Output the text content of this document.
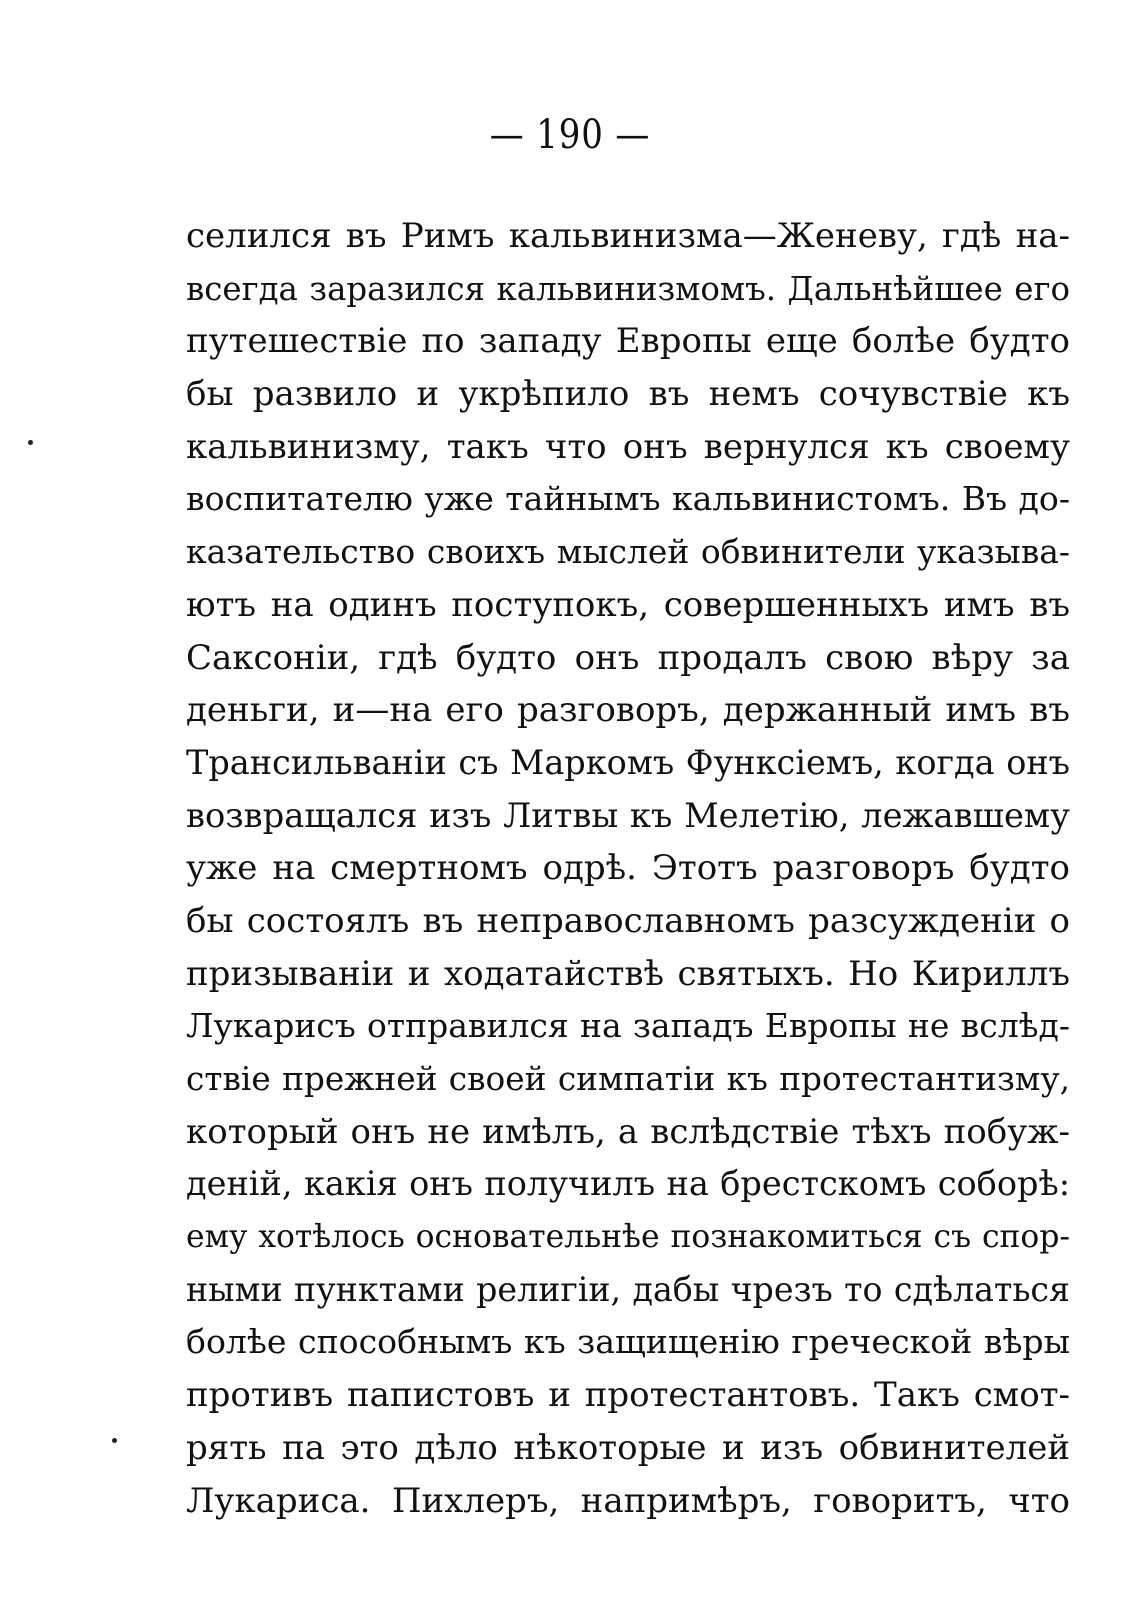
— 190 —
селился въ Римъ кальвинизма—Женеву, гдѣ на-
всегда заразился кальвинизмомъ. Дальнѣйшее его
путешествіе по западу Европы еще болѣе будто
бы развило и укрѣпило въ немъ сочувствіе къ
кальвинизму, такъ что онъ вернулся къ своему
воспитателю уже тайнымъ кальвинистомъ. Въ до-
казательство своихъ мыслей обвинители указыва-
ютъ на одинъ поступокъ, совершенныхъ имъ въ
Саксоніи, гдѣ будто онъ продалъ свою вѣру за
деньги, и—на его разговоръ, держанный имъ въ
Трансильваніи съ Маркомъ Функсіемъ, когда онъ
возвращался изъ Литвы къ Мелетію, лежавшему
уже на смертномъ одрѣ. Этотъ разговоръ будто
бы состоялъ въ неправославномъ разсужденіи о
призываніи и ходатайствѣ святыхъ. Но Кириллъ
Лукарисъ отправился на западъ Европы не вслѣд-
ствіе прежней своей симпатіи къ протестантизму,
который онъ не имѣлъ, а вслѣдствіе тѣхъ побуж-
деній, какія онъ получилъ на брестскомъ соборѣ:
ему хотѣлось основательнѣе познакомиться съ спор-
ными пунктами религіи, дабы чрезъ то сдѣлаться
болѣе способнымъ къ защищенію греческой вѣры
противъ папистовъ и протестантовъ. Такъ смот-
рять па это дѣло нѣкоторые и изъ обвинителей
Лукариса. Пихлеръ, напримѣръ, говоритъ, что
